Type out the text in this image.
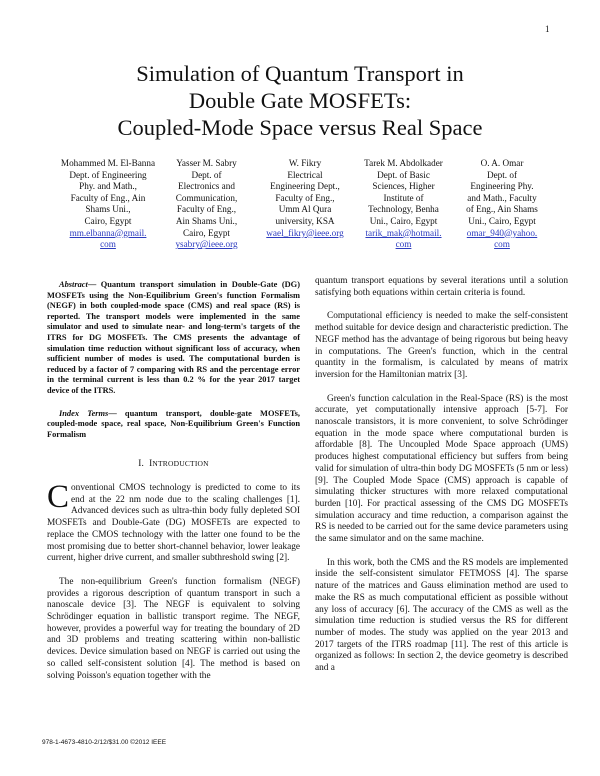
1
Simulation of Quantum Transport in
Double Gate MOSFETs:
Coupled-Mode Space versus Real Space
Mohammed M. El-Banna
Dept. of Engineering
Phy. and Math.,
Faculty of Eng., Ain
Shams Uni.,
Cairo, Egypt
mm.elbanna@gmail.
com
Yasser M. Sabry
Dept. of
Electronics and
Communication,
Faculty of Eng.,
Ain Shams Uni.,
Cairo, Egypt
ysabry@ieee.org
W. Fikry
Electrical
Engineering Dept.,
Faculty of Eng.,
Umm Al Qura
university, KSA
wael_fikry@ieee.org
Tarek M. Abdolkader
Dept. of Basic
Sciences, Higher
Institute of
Technology, Benha
Uni., Cairo, Egypt
tarik_mak@hotmail.
com
O. A. Omar
Dept. of
Engineering Phy.
and Math., Faculty
of Eng., Ain Shams
Uni., Cairo, Egypt
omar_940@yahoo.
com

Abstract— Quantum transport simulation in Double-Gate (DG) MOSFETs using the Non-Equilibrium Green's function Formalism (NEGF) in both coupled-mode space (CMS) and real space (RS) is reported. The transport models were implemented in the same simulator and used to simulate near- and long-term's targets of the ITRS for DG MOSFETs. The CMS presents the advantage of simulation time reduction without significant loss of accuracy, when sufficient number of modes is used. The computational burden is reduced by a factor of 7 comparing with RS and the percentage error in the terminal current is less than 0.2 % for the year 2017 target device of the ITRS.

Index Terms— quantum transport, double-gate MOSFETs, coupled-mode space, real space, Non-Equilibrium Green's Function Formalism

I. INTRODUCTION

Conventional CMOS technology is predicted to come to its end at the 22 nm node due to the scaling challenges [1]. Advanced devices such as ultra-thin body fully depleted SOI MOSFETs and Double-Gate (DG) MOSFETs are expected to replace the CMOS technology with the latter one found to be the most promising due to better short-channel behavior, lower leakage current, higher drive current, and smaller subthreshold swing [2].

The non-equilibrium Green's function formalism (NEGF) provides a rigorous description of quantum transport in such a nanoscale device [3]. The NEGF is equivalent to solving Schrödinger equation in ballistic transport regime. The NEGF, however, provides a powerful way for treating the boundary of 2D and 3D problems and treating scattering within non-ballistic devices. Device simulation based on NEGF is carried out using the so called self-consistent solution [4]. The method is based on solving Poisson's equation together with the

quantum transport equations by several iterations until a solution satisfying both equations within certain criteria is found.

Computational efficiency is needed to make the self-consistent method suitable for device design and characteristic prediction. The NEGF method has the advantage of being rigorous but being heavy in computations. The Green's function, which in the central quantity in the formalism, is calculated by means of matrix inversion for the Hamiltonian matrix [3].

Green's function calculation in the Real-Space (RS) is the most accurate, yet computationally intensive approach [5-7]. For nanoscale transistors, it is more convenient, to solve Schrödinger equation in the mode space where computational burden is affordable [8]. The Uncoupled Mode Space approach (UMS) produces highest computational efficiency but suffers from being valid for simulation of ultra-thin body DG MOSFETs (5 nm or less) [9]. The Coupled Mode Space (CMS) approach is capable of simulating thicker structures with more relaxed computational burden [10]. For practical assessing of the CMS DG MOSFETs simulation accuracy and time reduction, a comparison against the RS is needed to be carried out for the same device parameters using the same simulator and on the same machine.

In this work, both the CMS and the RS models are implemented inside the self-consistent simulator FETMOSS [4]. The sparse nature of the matrices and Gauss elimination method are used to make the RS as much computational efficient as possible without any loss of accuracy [6]. The accuracy of the CMS as well as the simulation time reduction is studied versus the RS for different number of modes. The study was applied on the year 2013 and 2017 targets of the ITRS roadmap [11]. The rest of this article is organized as follows: In section 2, the device geometry is described and a

978-1-4673-4810-2/12/$31.00 ©2012 IEEE
